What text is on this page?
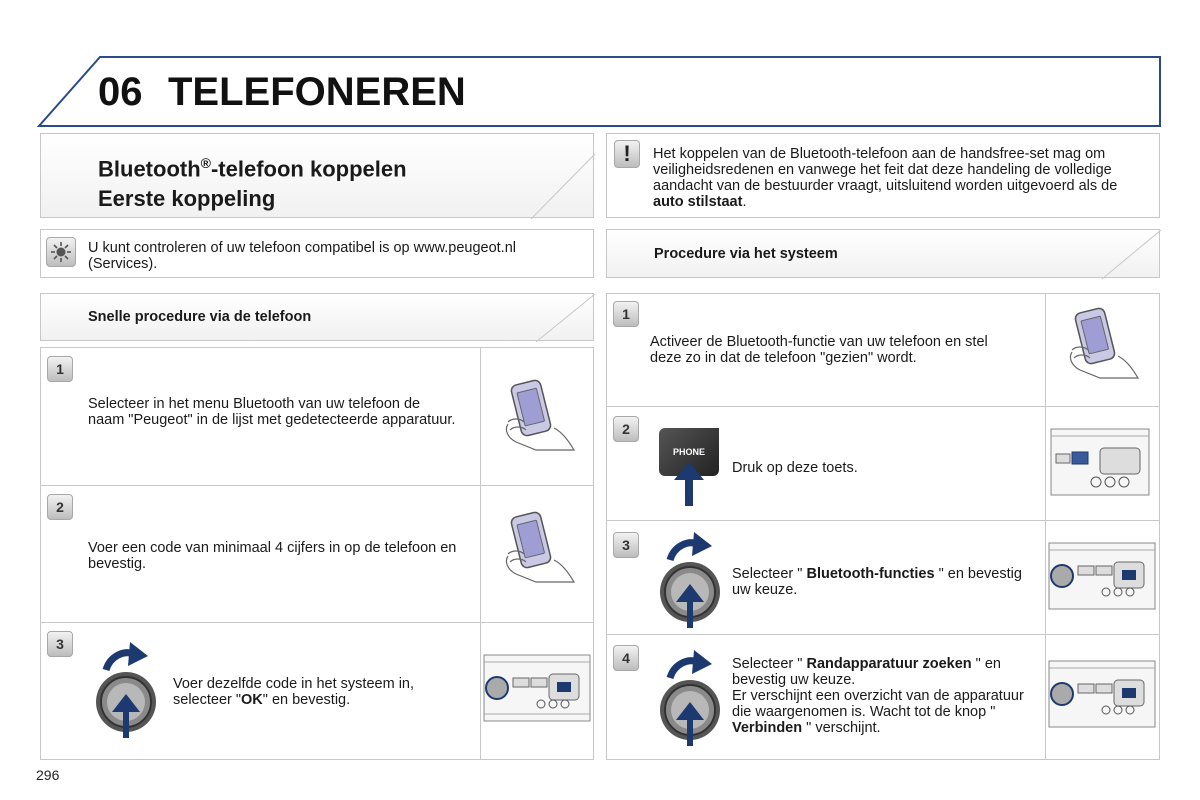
06 TELEFONEREN
Bluetooth®-telefoon koppelen
Eerste koppeling
!	Het koppelen van de Bluetooth-telefoon aan de handsfree-set mag om veiligheidsredenen en vanwege het feit dat deze handeling de volledige aandacht van de bestuurder vraagt, uitsluitend worden uitgevoerd als de auto stilstaat.
U kunt controleren of uw telefoon compatibel is op www.peugeot.nl (Services).
Procedure via het systeem
Snelle procedure via de telefoon
1
Selecteer in het menu Bluetooth van uw telefoon de naam "Peugeot" in de lijst met gedetecteerde apparatuur.
2
Voer een code van minimaal 4 cijfers in op de telefoon en bevestig.
3
Voer dezelfde code in het systeem in, selecteer "OK" en bevestig.
1
Activeer de Bluetooth-functie van uw telefoon en stel deze zo in dat de telefoon "gezien" wordt.
2
PHONE
Druk op deze toets.
3
Selecteer " Bluetooth-functies " en bevestig uw keuze.
4	Selecteer " Randapparatuur zoeken " en bevestig uw keuze.
Er verschijnt een overzicht van de apparatuur die waargenomen is. Wacht tot de knop " Verbinden " verschijnt.
296
